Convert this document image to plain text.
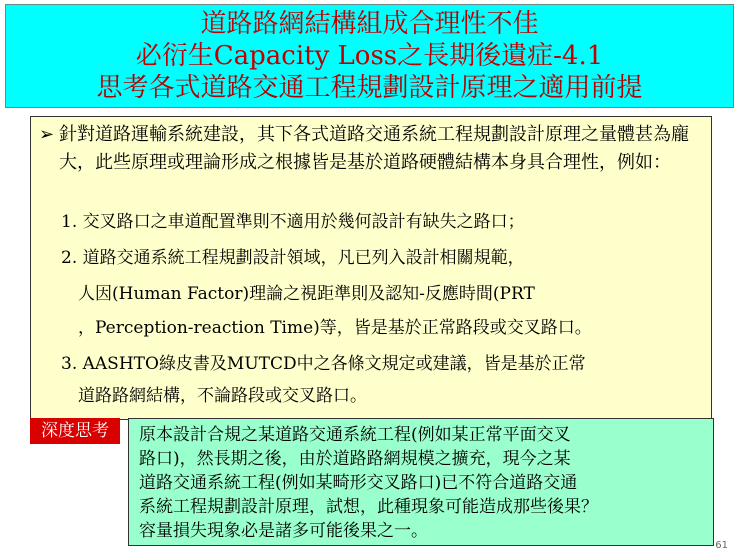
道路路網結構組成合理性不佳
必衍生Capacity Loss之長期後遺症-4.1
思考各式道路交通工程規劃設計原理之適用前提
➢ 針對道路運輸系統建設，其下各式道路交通系統工程規劃設計原理之量體甚為龐大，此些原理或理論形成之根據皆是基於道路硬體結構本身具合理性，例如：
1. 交叉路口之車道配置準則不適用於幾何設計有缺失之路口；
2. 道路交通系統工程規劃設計領域，凡已列入設計相關規範，
人因(Human Factor)理論之視距準則及認知-反應時間(PRT
，Perception-reaction Time)等，皆是基於正常路段或交叉路口。
3. AASHTO綠皮書及MUTCD中之各條文規定或建議，皆是基於正常
道路路網結構，不論路段或交叉路口。
深度思考	原本設計合規之某道路交通系統工程(例如某正常平面交叉
路口)，然長期之後，由於道路路網規模之擴充，現今之某
道路交通系統工程(例如某畸形交叉路口)已不符合道路交通
系統工程規劃設計原理，試想，此種現象可能造成那些後果？
容量損失現象必是諸多可能後果之一。
61
